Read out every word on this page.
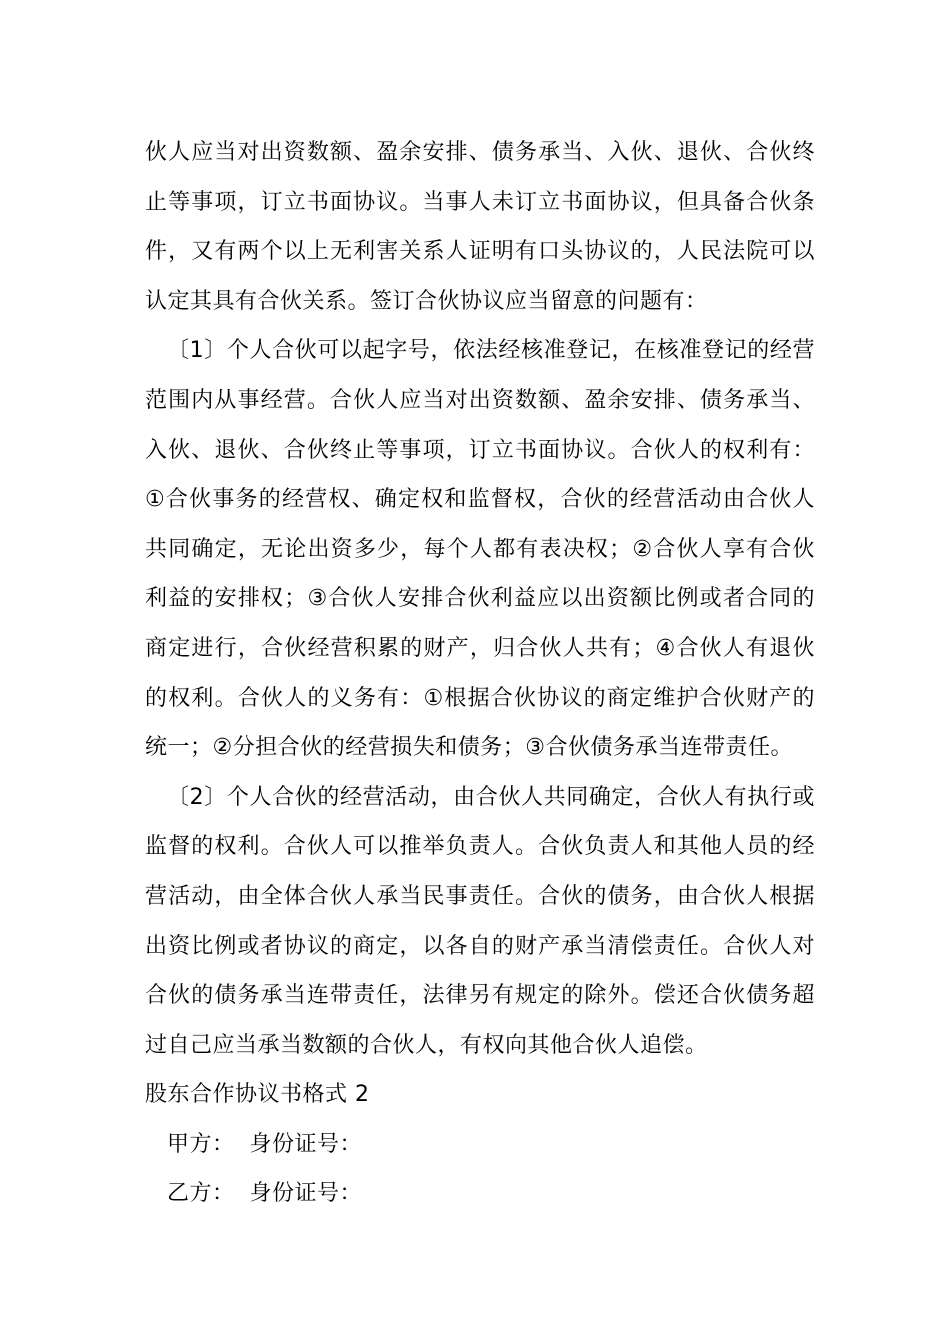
伙人应当对出资数额、盈余安排、债务承当、入伙、退伙、合伙终止等事项，订立书面协议。当事人未订立书面协议，但具备合伙条件，又有两个以上无利害关系人证明有口头协议的，人民法院可以认定其具有合伙关系。签订合伙协议应当留意的问题有：

〔1〕个人合伙可以起字号，依法经核准登记，在核准登记的经营范围内从事经营。合伙人应当对出资数额、盈余安排、债务承当、入伙、退伙、合伙终止等事项，订立书面协议。合伙人的权利有：①合伙事务的经营权、确定权和监督权，合伙的经营活动由合伙人共同确定，无论出资多少，每个人都有表决权；②合伙人享有合伙利益的安排权；③合伙人安排合伙利益应以出资额比例或者合同的商定进行，合伙经营积累的财产，归合伙人共有；④合伙人有退伙的权利。合伙人的义务有：①根据合伙协议的商定维护合伙财产的统一；②分担合伙的经营损失和债务；③合伙债务承当连带责任。

〔2〕个人合伙的经营活动，由合伙人共同确定，合伙人有执行或监督的权利。合伙人可以推举负责人。合伙负责人和其他人员的经营活动，由全体合伙人承当民事责任。合伙的债务，由合伙人根据出资比例或者协议的商定，以各自的财产承当清偿责任。合伙人对合伙的债务承当连带责任，法律另有规定的除外。偿还合伙债务超过自己应当承当数额的合伙人，有权向其他合伙人追偿。

股东合作协议书格式 2

甲方：  身份证号：

乙方：  身份证号：
